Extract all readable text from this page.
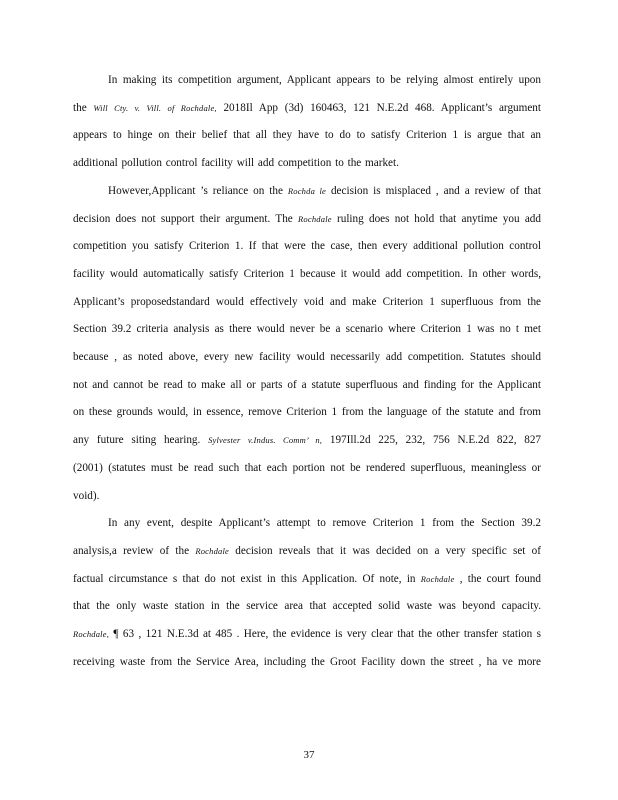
In making its competition argument, Applicant appears to be relying almost entirely upon
the Will Cty. v. Vill. of Rochdale, 2018Il App (3d) 160463, 121 N.E.2d 468. Applicant’s argument
appears to hinge on their belief that all they have to do to satisfy Criterion 1 is argue that an
additional pollution control facility will add competition to the market.
However,Applicant ’s reliance on the Rochda le decision is misplaced , and a review of that
decision does not support their argument. The Rochdale ruling does not hold that anytime you add
competition you satisfy Criterion 1. If that were the case, then every additional pollution control
facility would automatically satisfy Criterion 1 because it would add competition. In other words,
Applicant’s proposedstandard would effectively void and make Criterion 1 superfluous from the
Section 39.2 criteria analysis as there would never be a scenario where Criterion 1 was no t met
because , as noted above, every new facility would necessarily add competition. Statutes should
not and cannot be read to make all or parts of a statute superfluous and finding for the Applicant
on these grounds would, in essence, remove Criterion 1 from the language of the statute and from
any future siting hearing. Sylvester v.Indus. Comm’ n, 197Ill.2d 225, 232, 756 N.E.2d 822, 827
(2001) (statutes must be read such that each portion not be rendered superfluous, meaningless or
void).
In any event, despite Applicant’s attempt to remove Criterion 1 from the Section 39.2
analysis,a review of the Rochdale decision reveals that it was decided on a very specific set of
factual circumstance s that do not exist in this Application. Of note, in Rochdale , the court found
that the only waste station in the service area that accepted solid waste was beyond capacity.
Rochdale, ¶ 63 , 121 N.E.3d at 485 . Here, the evidence is very clear that the other transfer station s
receiving waste from the Service Area, including the Groot Facility down the street , ha ve more
37
